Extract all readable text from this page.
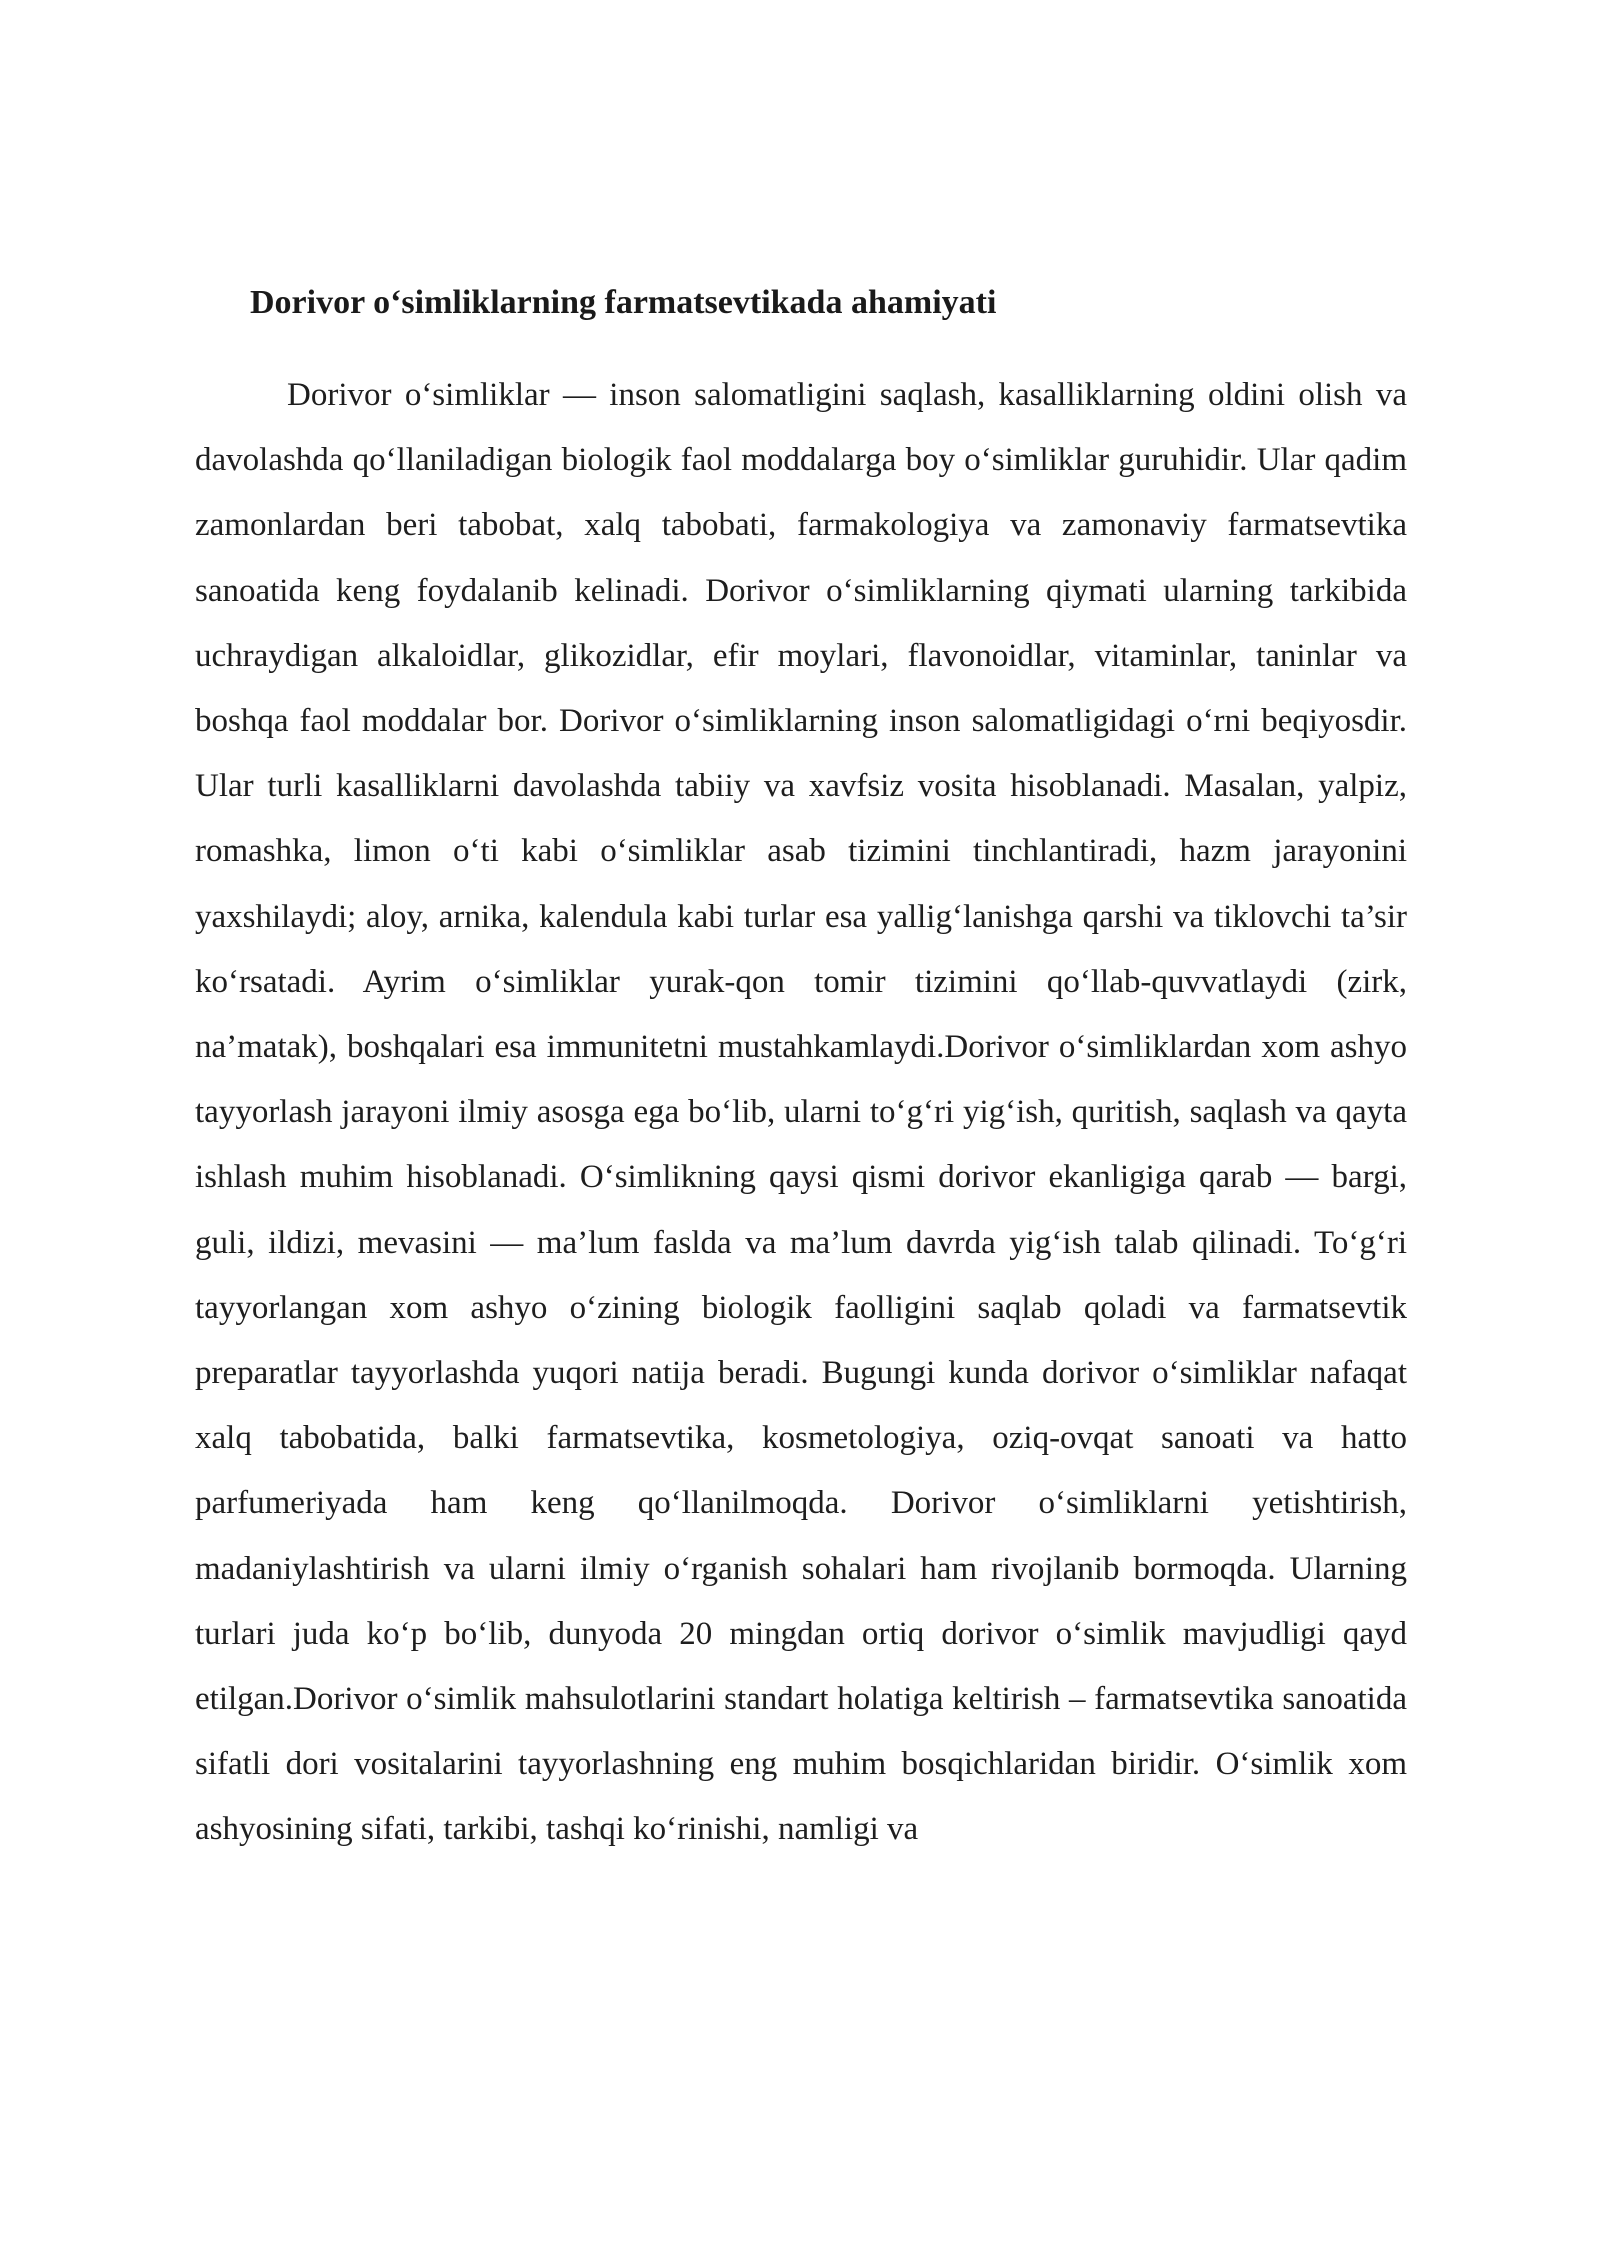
Dorivor o‘simliklarning farmatsevtikada ahamiyati

Dorivor o‘simliklar — inson salomatligini saqlash, kasalliklarning oldini olish va davolashda qo‘llaniladigan biologik faol moddalarga boy o‘simliklar guruhidir. Ular qadim zamonlardan beri tabobat, xalq tabobati, farmakologiya va zamonaviy farmatsevtika sanoatida keng foydalanib kelinadi. Dorivor o‘simliklarning qiymati ularning tarkibida uchraydigan alkaloidlar, glikozidlar, efir moylari, flavonoidlar, vitaminlar, taninlar va boshqa faol moddalar bor. Dorivor o‘simliklarning inson salomatligidagi o‘rni beqiyosdir. Ular turli kasalliklarni davolashda tabiiy va xavfsiz vosita hisoblanadi. Masalan, yalpiz, romashka, limon o‘ti kabi o‘simliklar asab tizimini tinchlantiradi, hazm jarayonini yaxshilaydi; aloy, arnika, kalendula kabi turlar esa yallig‘lanishga qarshi va tiklovchi ta’sir ko‘rsatadi. Ayrim o‘simliklar yurak-qon tomir tizimini qo‘llab-quvvatlaydi (zirk, na’matak), boshqalari esa immunitetni mustahkamlaydi.Dorivor o‘simliklardan xom ashyo tayyorlash jarayoni ilmiy asosga ega bo‘lib, ularni to‘g‘ri yig‘ish, quritish, saqlash va qayta ishlash muhim hisoblanadi. O‘simlikning qaysi qismi dorivor ekanligiga qarab — bargi, guli, ildizi, mevasini — ma’lum faslda va ma’lum davrda yig‘ish talab qilinadi. To‘g‘ri tayyorlangan xom ashyo o‘zining biologik faolligini saqlab qoladi va farmatsevtik preparatlar tayyorlashda yuqori natija beradi. Bugungi kunda dorivor o‘simliklar nafaqat xalq tabobatida, balki farmatsevtika, kosmetologiya, oziq-ovqat sanoati va hatto parfumeriyada ham keng qo‘llanilmoqda. Dorivor o‘simliklarni yetishtirish, madaniylashtirish va ularni ilmiy o‘rganish sohalari ham rivojlanib bormoqda. Ularning turlari juda ko‘p bo‘lib, dunyoda 20 mingdan ortiq dorivor o‘simlik mavjudligi qayd etilgan.Dorivor o‘simlik mahsulotlarini standart holatiga keltirish – farmatsevtika sanoatida sifatli dori vositalarini tayyorlashning eng muhim bosqichlaridan biridir. O‘simlik xom ashyosining sifati, tarkibi, tashqi ko‘rinishi, namligi va
